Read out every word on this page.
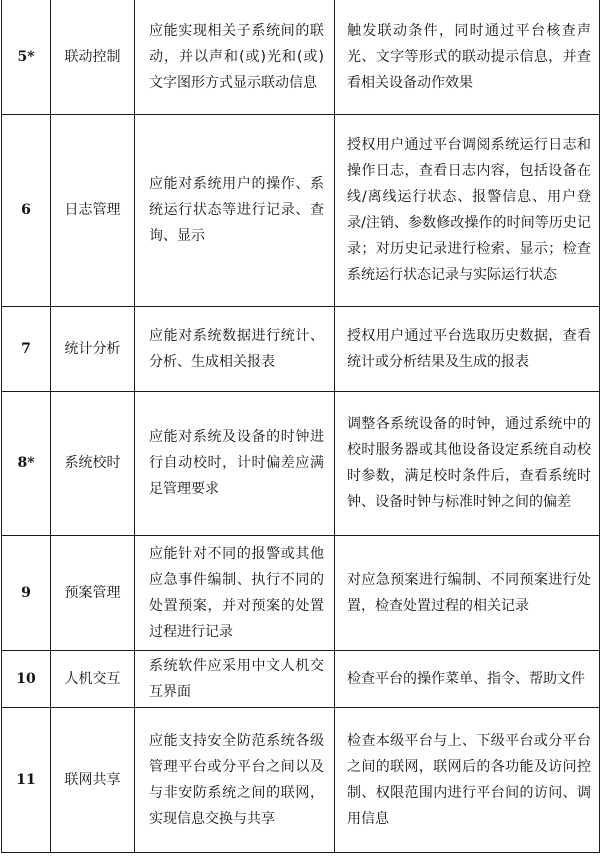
5*	联动控制	应能实现相关子系统间的联动，并以声和(或)光和(或)文字图形方式显示联动信息	触发联动条件，同时通过平台核查声光、文字等形式的联动提示信息，并查看相关设备动作效果
6	日志管理	应能对系统用户的操作、系统运行状态等进行记录、查询、显示	授权用户通过平台调阅系统运行日志和操作日志，查看日志内容，包括设备在线/离线运行状态、报警信息、用户登录/注销、参数修改操作的时间等历史记录；对历史记录进行检索、显示；检查系统运行状态记录与实际运行状态
7	统计分析	应能对系统数据进行统计、分析、生成相关报表	授权用户通过平台选取历史数据，查看统计或分析结果及生成的报表
8*	系统校时	应能对系统及设备的时钟进行自动校时，计时偏差应满足管理要求	调整各系统设备的时钟，通过系统中的校时服务器或其他设备设定系统自动校时参数，满足校时条件后，查看系统时钟、设备时钟与标准时钟之间的偏差
9	预案管理	应能针对不同的报警或其他应急事件编制、执行不同的处置预案，并对预案的处置过程进行记录	对应急预案进行编制、不同预案进行处置，检查处置过程的相关记录
10	人机交互	系统软件应采用中文人机交互界面	检查平台的操作菜单、指令、帮助文件
11	联网共享	应能支持安全防范系统各级管理平台或分平台之间以及与非安防系统之间的联网，实现信息交换与共享	检查本级平台与上、下级平台或分平台之间的联网，联网后的各功能及访问控制、权限范围内进行平台间的访问、调用信息
